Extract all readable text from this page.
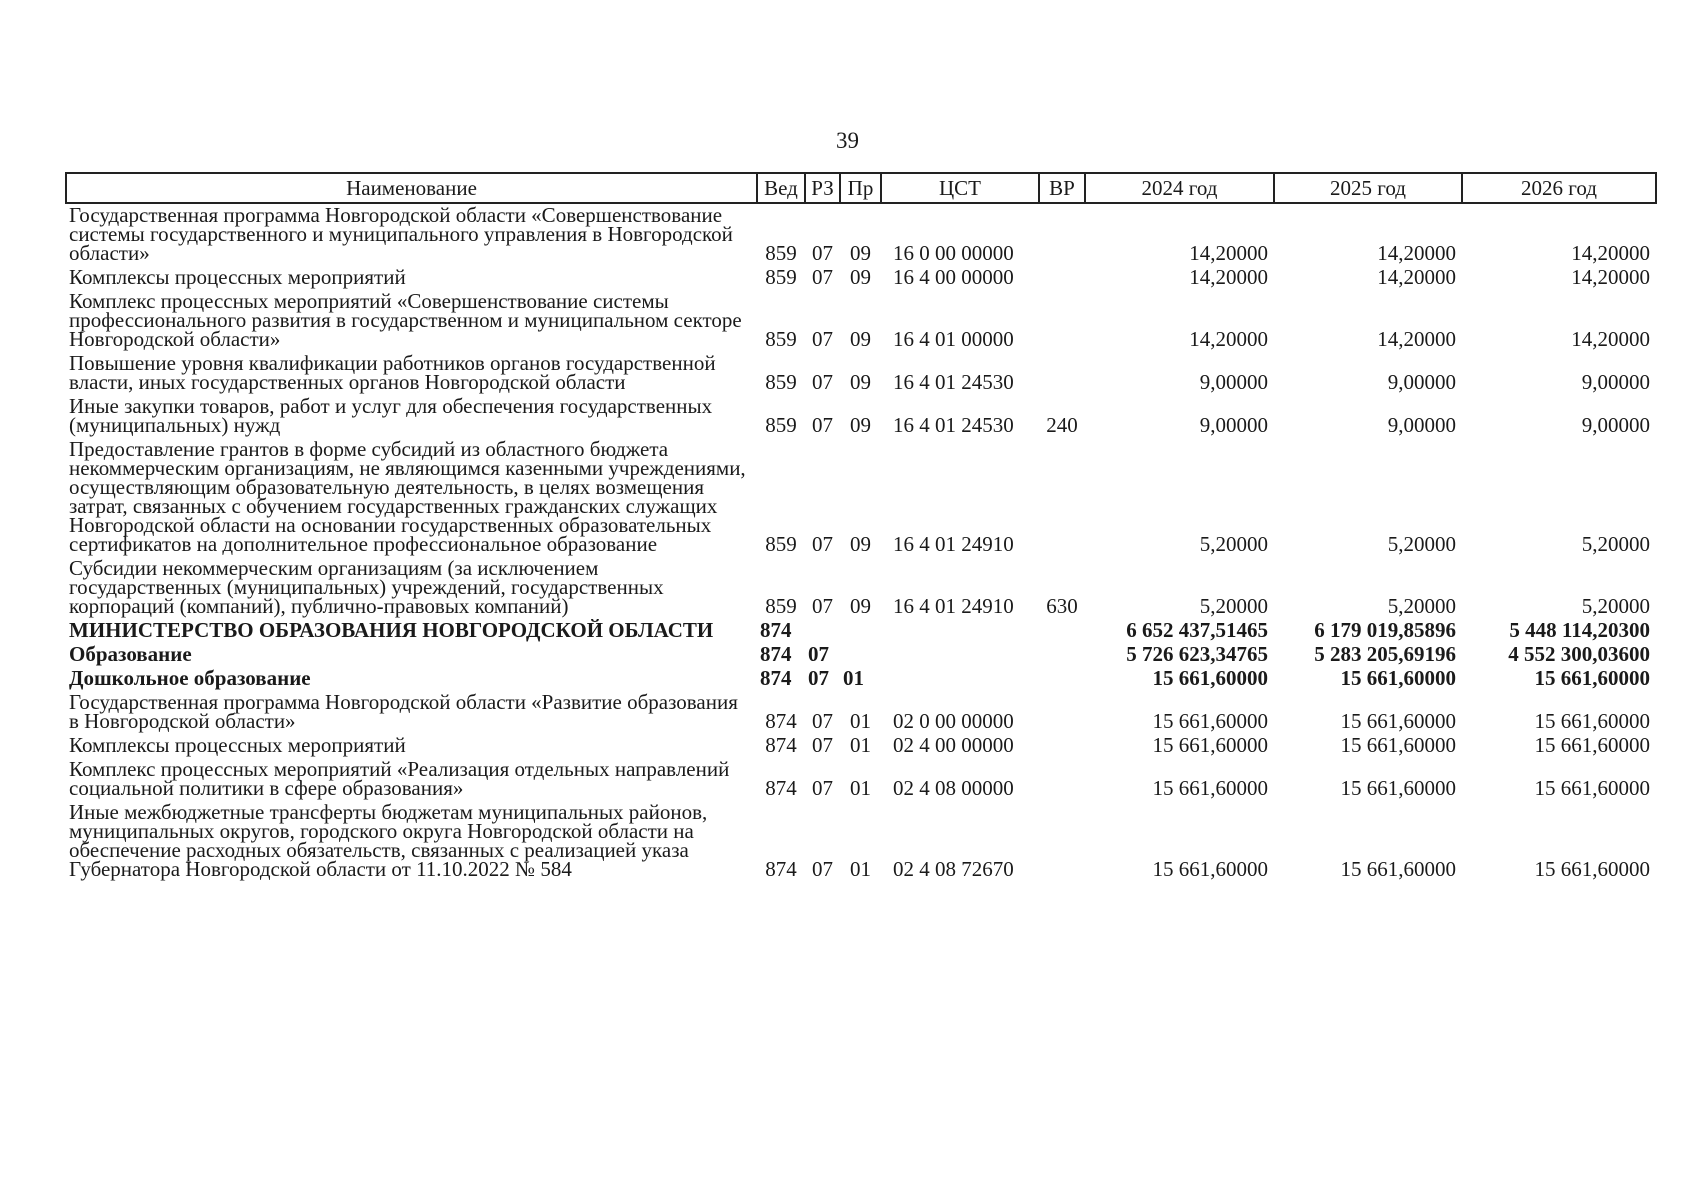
39
Наименование	Вед	РЗ	Пр	ЦСТ	ВР	2024 год	2025 год	2026 год
Государственная программа Новгородской области «Совершенствование системы государственного и муниципального управления в Новгородской области»	859	07	09	16 0 00 00000		14,20000	14,20000	14,20000
Комплексы процессных мероприятий	859	07	09	16 4 00 00000		14,20000	14,20000	14,20000
Комплекс процессных мероприятий «Совершенствование системы профессионального развития в государственном и муниципальном секторе Новгородской области»	859	07	09	16 4 01 00000		14,20000	14,20000	14,20000
Повышение уровня квалификации работников органов государственной власти, иных государственных органов Новгородской области	859	07	09	16 4 01 24530		9,00000	9,00000	9,00000
Иные закупки товаров, работ и услуг для обеспечения государственных (муниципальных) нужд	859	07	09	16 4 01 24530	240	9,00000	9,00000	9,00000
Предоставление грантов в форме субсидий из областного бюджета некоммерческим организациям, не являющимся казенными учреждениями, осуществляющим образовательную деятельность, в целях возмещения затрат, связанных с обучением государственных гражданских служащих Новгородской области на основании государственных образовательных сертификатов на дополнительное профессиональное образование	859	07	09	16 4 01 24910		5,20000	5,20000	5,20000
Субсидии некоммерческим организациям (за исключением государственных (муниципальных) учреждений, государственных корпораций (компаний), публично-правовых компаний)	859	07	09	16 4 01 24910	630	5,20000	5,20000	5,20000
МИНИСТЕРСТВО ОБРАЗОВАНИЯ НОВГОРОДСКОЙ ОБЛАСТИ	874					6 652 437,51465	6 179 019,85896	5 448 114,20300
Образование	874	07				5 726 623,34765	5 283 205,69196	4 552 300,03600
Дошкольное образование	874	07	01			15 661,60000	15 661,60000	15 661,60000
Государственная программа Новгородской области «Развитие образования в Новгородской области»	874	07	01	02 0 00 00000		15 661,60000	15 661,60000	15 661,60000
Комплексы процессных мероприятий	874	07	01	02 4 00 00000		15 661,60000	15 661,60000	15 661,60000
Комплекс процессных мероприятий «Реализация отдельных направлений социальной политики в сфере образования»	874	07	01	02 4 08 00000		15 661,60000	15 661,60000	15 661,60000
Иные межбюджетные трансферты бюджетам муниципальных районов, муниципальных округов, городского округа Новгородской области на обеспечение расходных обязательств, связанных с реализацией указа Губернатора Новгородской области от 11.10.2022 № 584	874	07	01	02 4 08 72670		15 661,60000	15 661,60000	15 661,60000
